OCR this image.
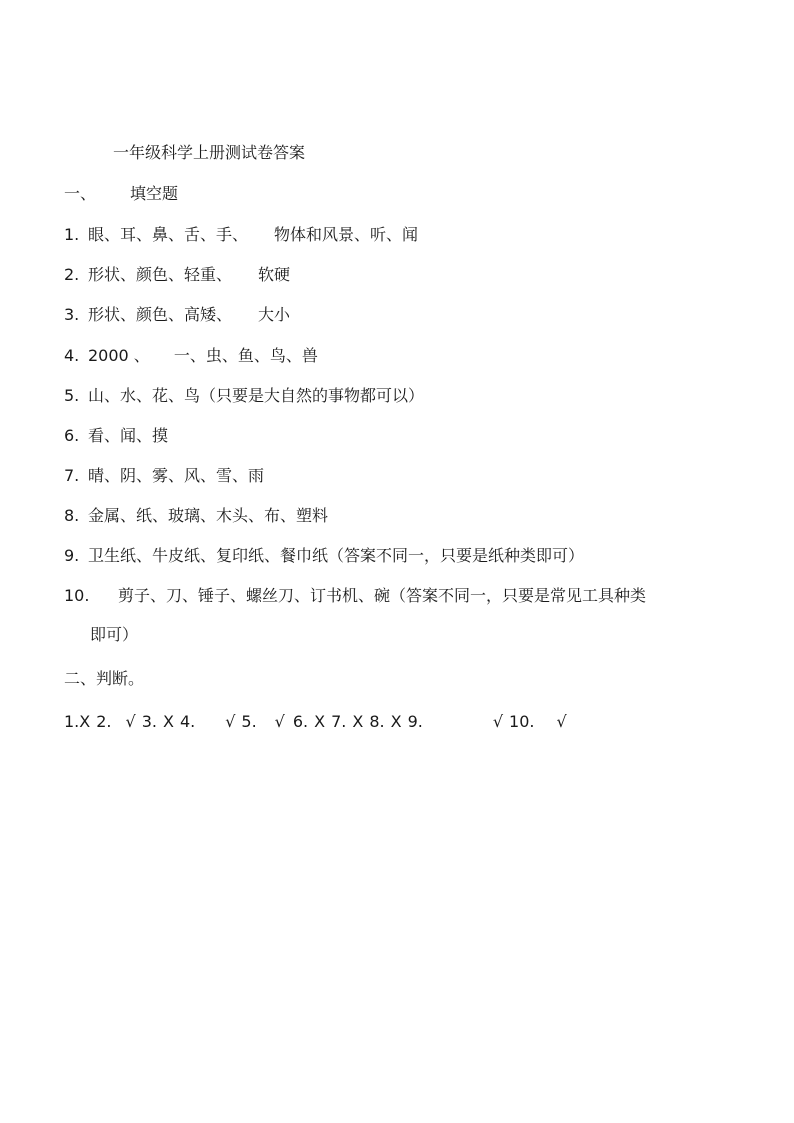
一年级科学上册测试卷答案
一、 填空题
1. 眼、耳、鼻、舌、手、 物体和风景、听、闻
2. 形状、颜色、轻重、 软硬
3. 形状、颜色、高矮、 大小
4. 2000 、 一、虫、鱼、鸟、兽
5. 山、水、花、鸟（只要是大自然的事物都可以）
6. 看、闻、摸
7. 晴、阴、雾、风、雪、雨
8. 金属、纸、玻璃、木头、布、塑料
9. 卫生纸、牛皮纸、复印纸、餐巾纸（答案不同一，只要是纸种类即可）
10. 剪子、刀、锤子、螺丝刀、订书机、碗（答案不同一，只要是常见工具种类
即可）
二、判断。
1.X 2. √ 3. X 4. √ 5. √ 6. X 7. X 8. X 9.	√ 10. √
